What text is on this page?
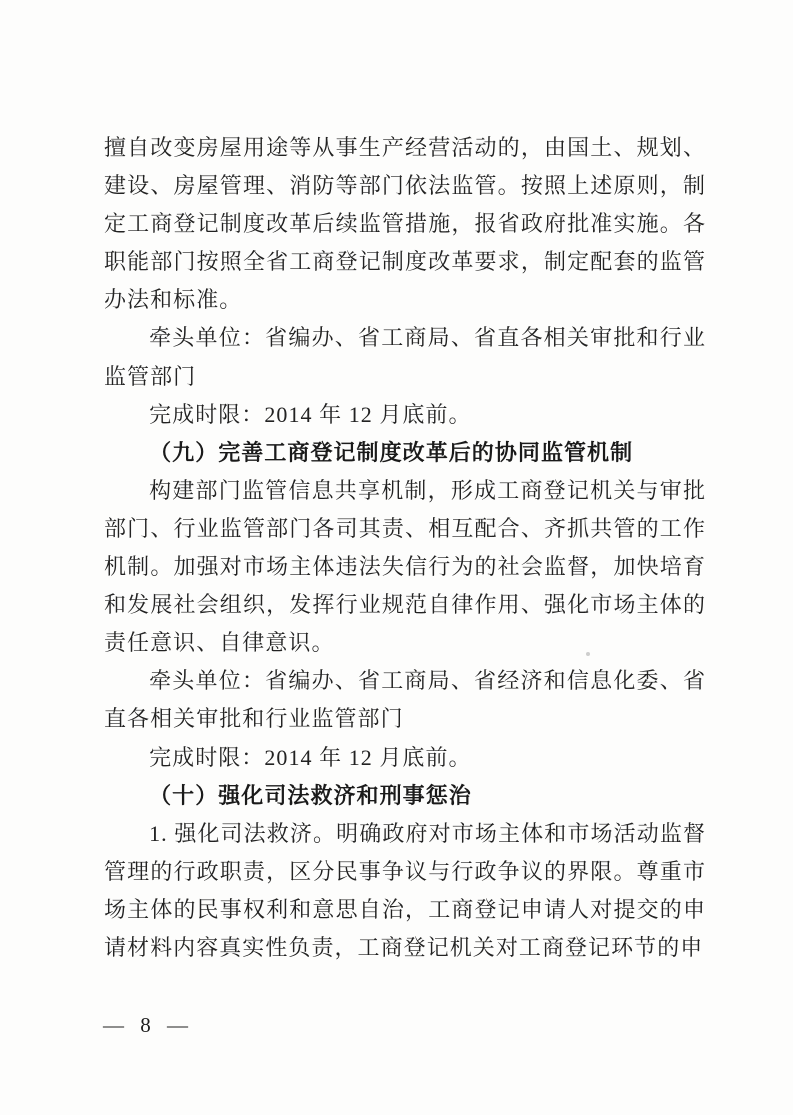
擅自改变房屋用途等从事生产经营活动的，由国土、规划、建设、房屋管理、消防等部门依法监管。按照上述原则，制定工商登记制度改革后续监管措施，报省政府批准实施。各职能部门按照全省工商登记制度改革要求，制定配套的监管办法和标准。

牵头单位：省编办、省工商局、省直各相关审批和行业监管部门

完成时限：2014 年 12 月底前。

（九）完善工商登记制度改革后的协同监管机制

构建部门监管信息共享机制，形成工商登记机关与审批部门、行业监管部门各司其责、相互配合、齐抓共管的工作机制。加强对市场主体违法失信行为的社会监督，加快培育和发展社会组织，发挥行业规范自律作用、强化市场主体的责任意识、自律意识。

牵头单位：省编办、省工商局、省经济和信息化委、省直各相关审批和行业监管部门

完成时限：2014 年 12 月底前。

（十）强化司法救济和刑事惩治

1. 强化司法救济。明确政府对市场主体和市场活动监督管理的行政职责，区分民事争议与行政争议的界限。尊重市场主体的民事权利和意思自治，工商登记申请人对提交的申请材料内容真实性负责，工商登记机关对工商登记环节的申

— 8 —
